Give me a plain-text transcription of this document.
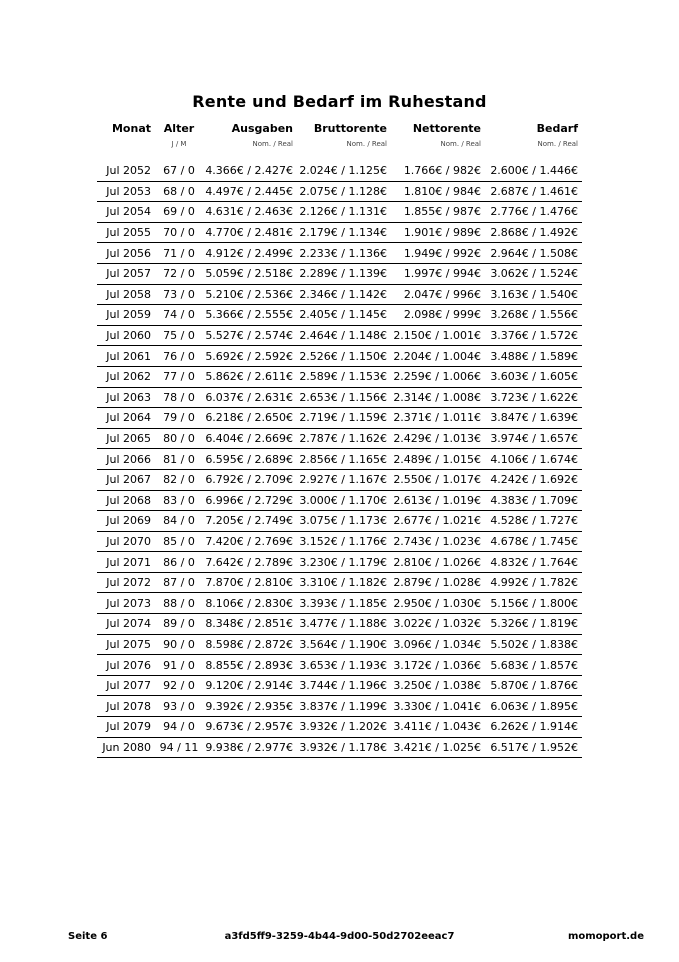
Rente und Bedarf im Ruhestand
Monat	Alter	Ausgaben	Bruttorente	Nettorente	Bedarf
	J / M	Nom. / Real	Nom. / Real	Nom. / Real	Nom. / Real

Jul 2052	67 / 0	4.366€ / 2.427€	2.024€ / 1.125€	1.766€ / 982€	2.600€ / 1.446€
Jul 2053	68 / 0	4.497€ / 2.445€	2.075€ / 1.128€	1.810€ / 984€	2.687€ / 1.461€
Jul 2054	69 / 0	4.631€ / 2.463€	2.126€ / 1.131€	1.855€ / 987€	2.776€ / 1.476€
Jul 2055	70 / 0	4.770€ / 2.481€	2.179€ / 1.134€	1.901€ / 989€	2.868€ / 1.492€
Jul 2056	71 / 0	4.912€ / 2.499€	2.233€ / 1.136€	1.949€ / 992€	2.964€ / 1.508€
Jul 2057	72 / 0	5.059€ / 2.518€	2.289€ / 1.139€	1.997€ / 994€	3.062€ / 1.524€
Jul 2058	73 / 0	5.210€ / 2.536€	2.346€ / 1.142€	2.047€ / 996€	3.163€ / 1.540€
Jul 2059	74 / 0	5.366€ / 2.555€	2.405€ / 1.145€	2.098€ / 999€	3.268€ / 1.556€
Jul 2060	75 / 0	5.527€ / 2.574€	2.464€ / 1.148€	2.150€ / 1.001€	3.376€ / 1.572€
Jul 2061	76 / 0	5.692€ / 2.592€	2.526€ / 1.150€	2.204€ / 1.004€	3.488€ / 1.589€
Jul 2062	77 / 0	5.862€ / 2.611€	2.589€ / 1.153€	2.259€ / 1.006€	3.603€ / 1.605€
Jul 2063	78 / 0	6.037€ / 2.631€	2.653€ / 1.156€	2.314€ / 1.008€	3.723€ / 1.622€
Jul 2064	79 / 0	6.218€ / 2.650€	2.719€ / 1.159€	2.371€ / 1.011€	3.847€ / 1.639€
Jul 2065	80 / 0	6.404€ / 2.669€	2.787€ / 1.162€	2.429€ / 1.013€	3.974€ / 1.657€
Jul 2066	81 / 0	6.595€ / 2.689€	2.856€ / 1.165€	2.489€ / 1.015€	4.106€ / 1.674€
Jul 2067	82 / 0	6.792€ / 2.709€	2.927€ / 1.167€	2.550€ / 1.017€	4.242€ / 1.692€
Jul 2068	83 / 0	6.996€ / 2.729€	3.000€ / 1.170€	2.613€ / 1.019€	4.383€ / 1.709€
Jul 2069	84 / 0	7.205€ / 2.749€	3.075€ / 1.173€	2.677€ / 1.021€	4.528€ / 1.727€
Jul 2070	85 / 0	7.420€ / 2.769€	3.152€ / 1.176€	2.743€ / 1.023€	4.678€ / 1.745€
Jul 2071	86 / 0	7.642€ / 2.789€	3.230€ / 1.179€	2.810€ / 1.026€	4.832€ / 1.764€
Jul 2072	87 / 0	7.870€ / 2.810€	3.310€ / 1.182€	2.879€ / 1.028€	4.992€ / 1.782€
Jul 2073	88 / 0	8.106€ / 2.830€	3.393€ / 1.185€	2.950€ / 1.030€	5.156€ / 1.800€
Jul 2074	89 / 0	8.348€ / 2.851€	3.477€ / 1.188€	3.022€ / 1.032€	5.326€ / 1.819€
Jul 2075	90 / 0	8.598€ / 2.872€	3.564€ / 1.190€	3.096€ / 1.034€	5.502€ / 1.838€
Jul 2076	91 / 0	8.855€ / 2.893€	3.653€ / 1.193€	3.172€ / 1.036€	5.683€ / 1.857€
Jul 2077	92 / 0	9.120€ / 2.914€	3.744€ / 1.196€	3.250€ / 1.038€	5.870€ / 1.876€
Jul 2078	93 / 0	9.392€ / 2.935€	3.837€ / 1.199€	3.330€ / 1.041€	6.063€ / 1.895€
Jul 2079	94 / 0	9.673€ / 2.957€	3.932€ / 1.202€	3.411€ / 1.043€	6.262€ / 1.914€
Jun 2080	94 / 11	9.938€ / 2.977€	3.932€ / 1.178€	3.421€ / 1.025€	6.517€ / 1.952€
Seite 6	a3fd5ff9-3259-4b44-9d00-50d2702eeac7	momoport.de
